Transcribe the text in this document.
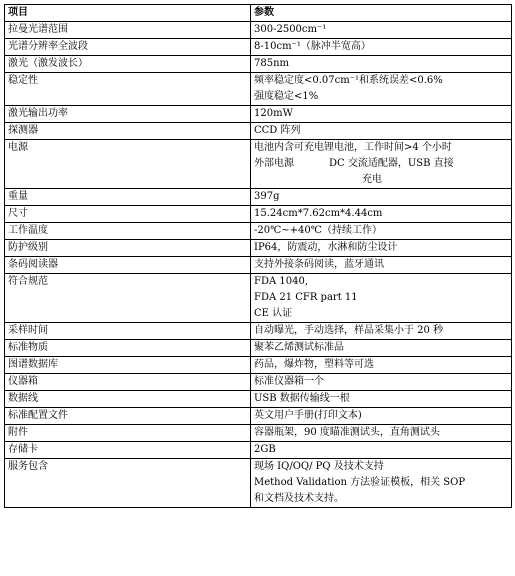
项目	参数
拉曼光谱范围	300-2500cm⁻¹
光谱分辨率全波段	8-10cm⁻¹（脉冲半宽高）
激光（激发波长）	785nm
稳定性	频率稳定度<0.07cm⁻¹和系统误差<0.6%
强度稳定<1%

激光输出功率	120mW
探测器	CCD 阵列
电源	电池内含可充电锂电池，工作时间>4 个小时
外部电源           DC 交流适配器，USB 直接
充电

重量	397g
尺寸	15.24cm*7.62cm*4.44cm
工作温度	-20℃~+40℃（持续工作）
防护级别	IP64，防震动，水淋和防尘设计
条码阅读器	支持外接条码阅读，蓝牙通讯
符合规范	FDA 1040,
FDA 21 CFR part 11
CE 认证

采样时间	自动曝光，手动选择，样品采集小于 20 秒
标准物质	聚苯乙烯测试标准品
图谱数据库	药品，爆炸物，塑料等可选
仪器箱	标准仪器箱一个
数据线	USB 数据传输线一根
标准配置文件	英文用户手册(打印文本)
附件	容器瓶架，90 度瞄准测试头，直角测试头
存储卡	2GB
服务包含	现场 IQ/OQ/ PQ 及技术支持
Method Validation 方法验证模板，相关 SOP
和文档及技术支持。
